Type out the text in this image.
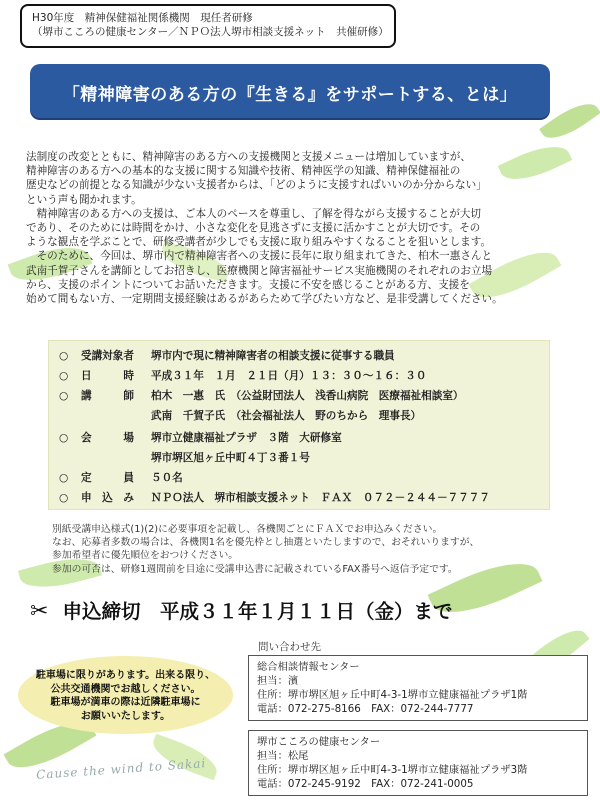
H30年度　精神保健福祉関係機関　現任者研修
（堺市こころの健康センター／ＮＰＯ法人堺市相談支援ネット　共催研修）
「精神障害のある方の『生きる』をサポートする、とは」

法制度の改変とともに、精神障害のある方への支援機関と支援メニューは増加していますが、

精神障害のある方への基本的な支援に関する知識や技術、精神医学の知識、精神保健福祉の

歴史などの前提となる知識が少ない支援者からは、「どのように支援すればいいのか分からない」

という声も聞かれます。

　精神障害のある方への支援は、ご本人のペースを尊重し、了解を得ながら支援することが大切

であり、そのためには時間をかけ、小さな変化を見逃さずに支援に活かすことが大切です。その

ような観点を学ぶことで、研修受講者が少しでも支援に取り組みやすくなることを狙いとします。

　そのために、今回は、堺市内で精神障害者への支援に長年に取り組まれてきた、柏木一惠さんと

武南千賀子さんを講師としてお招きし、医療機関と障害福祉サービス実施機関のそれぞれのお立場

から、支援のポイントについてお話いただきます。支援に不安を感じることがある方、支援を

始めて間もない方、一定期間支援経験はあるがあらためて学びたい方など、是非受講してください。

○ 受講対象者 堺市内で現に精神障害者の相談支援に従事する職員
○ 日　　　時 平成３１年　１月　２１日（月）１３：３０～１６：３０
○ 講　　　師 柏木　一惠　氏　（公益財団法人　浅香山病院　医療福祉相談室）
武南　千賀子氏　（社会福祉法人　野のちから　理事長）
○ 会　　　場 堺市立健康福祉プラザ　３階　大研修室
堺市堺区旭ヶ丘中町４丁３番１号
○ 定　　　員 ５０名
○ 申　込　み ＮＰＯ法人　堺市相談支援ネット　ＦＡＸ　０７２－２４４－７７７７

別紙受講申込様式(1)(2)に必要事項を記載し、各機関ごとにＦＡＸでお申込みください。

なお、応募者多数の場合は、各機関1名を優先枠とし抽選といたしますので、おそれいりますが、

参加希望者に優先順位をおつけください。

参加の可否は、研修1週間前を目途に受講申込書に記載されているFAX番号へ返信予定です。

✂ 申込締切　平成３１年１月１１日（金）まで
問い合わせ先

総合相談情報センター

担当：濱

住所：堺市堺区旭ヶ丘中町4-3-1堺市立健康福祉プラザ1階

電話：072-275-8166　FAX：072-244-7777

堺市こころの健康センター

担当：松尾

住所：堺市堺区旭ヶ丘中町4-3-1堺市立健康福祉プラザ3階

電話：072-245-9192　FAX：072-241-0005

駐車場に限りがあります。出来る限り、

公共交通機関でお越しください。

駐車場が満車の際は近隣駐車場に

お願いいたします。

Cause the wind to Sakai
